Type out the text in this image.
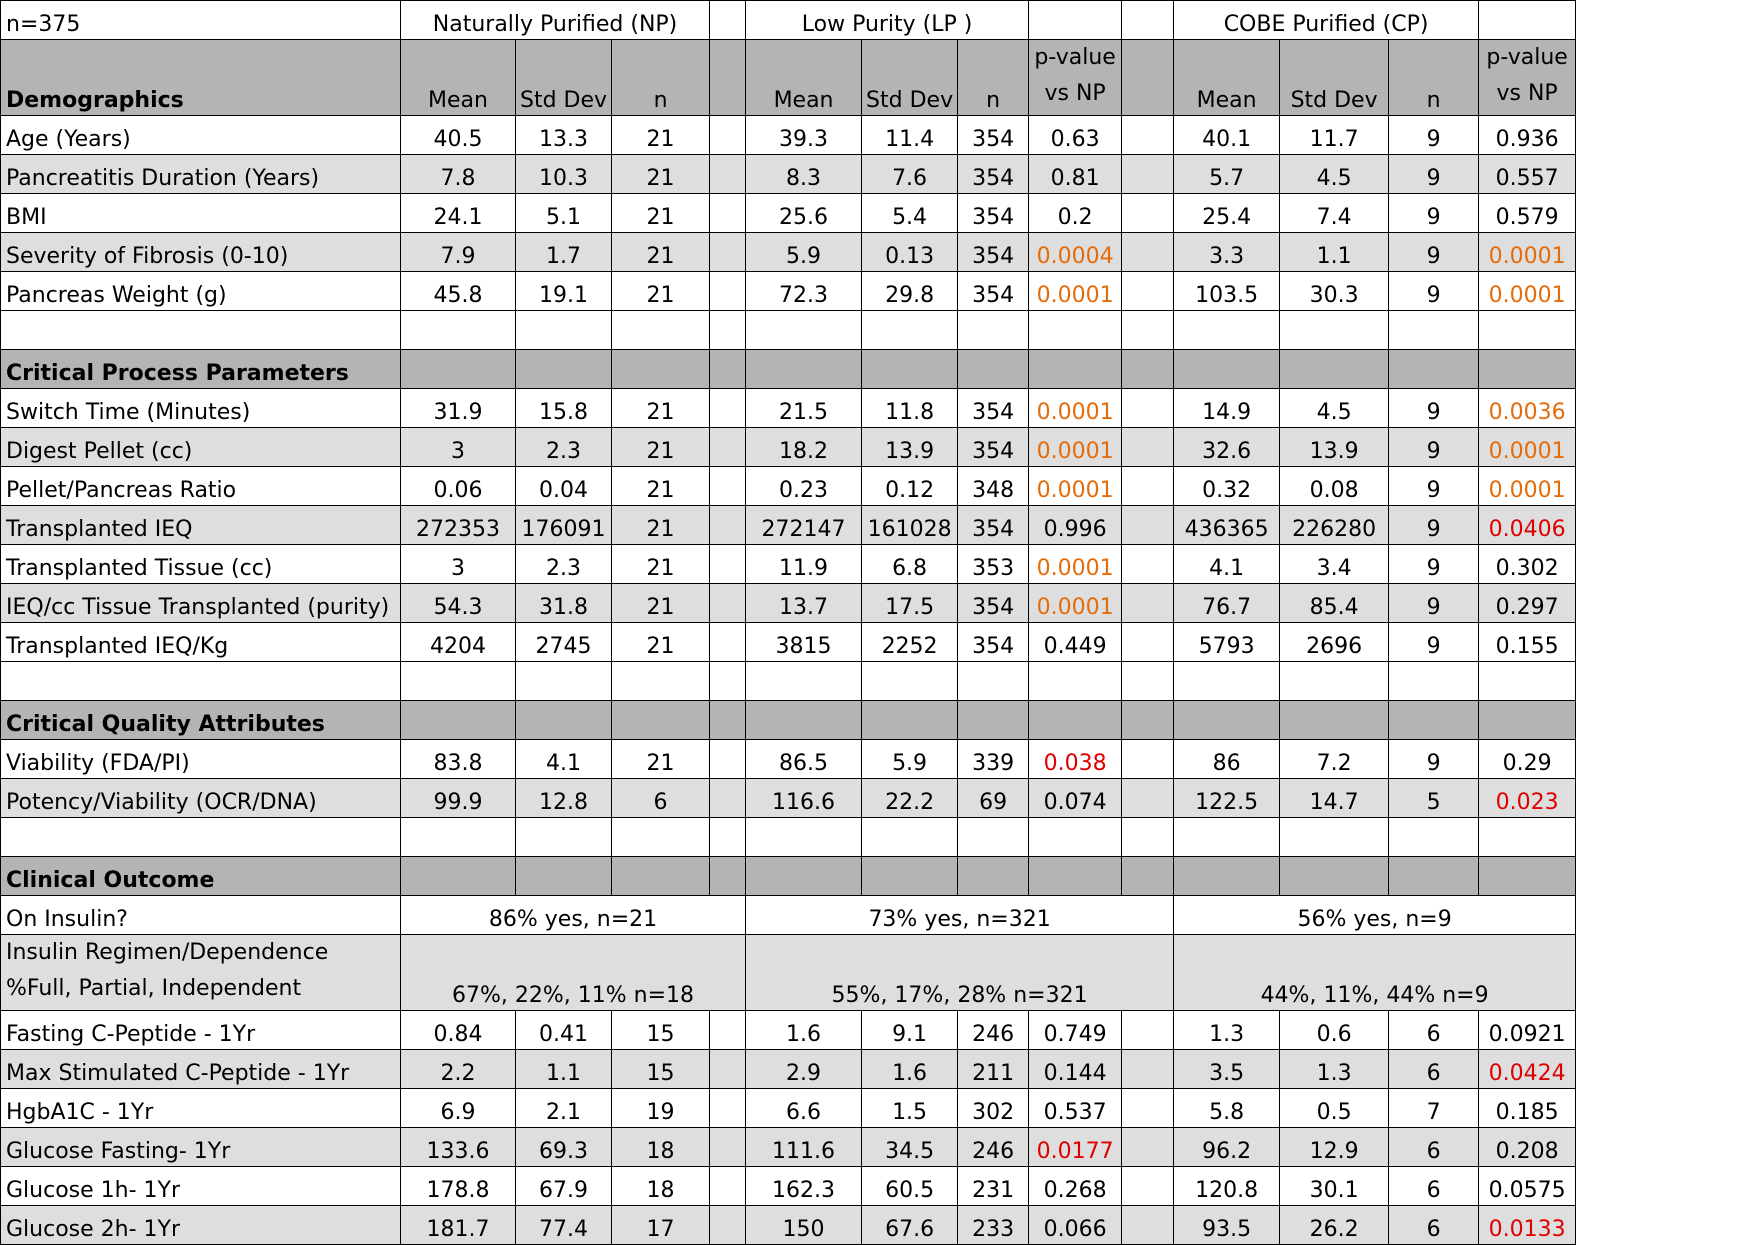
n=375	Naturally Purified (NP)				Low Purity (LP )					COBE Purified (CP)			
Demographics	Mean	Std Dev	n		Mean	Std Dev	n	p-value vs NP		Mean	Std Dev	n	p-value vs NP
Age (Years)	40.5	13.3	21		39.3	11.4	354	0.63		40.1	11.7	9	0.936
Pancreatitis Duration (Years)	7.8	10.3	21		8.3	7.6	354	0.81		5.7	4.5	9	0.557
BMI	24.1	5.1	21		25.6	5.4	354	0.2		25.4	7.4	9	0.579
Severity of Fibrosis (0-10)	7.9	1.7	21		5.9	0.13	354	0.0004		3.3	1.1	9	0.0001
Pancreas Weight (g)	45.8	19.1	21		72.3	29.8	354	0.0001		103.5	30.3	9	0.0001

Critical Process Parameters													
Switch Time (Minutes)	31.9	15.8	21		21.5	11.8	354	0.0001		14.9	4.5	9	0.0036
Digest Pellet (cc)	3	2.3	21		18.2	13.9	354	0.0001		32.6	13.9	9	0.0001
Pellet/Pancreas Ratio	0.06	0.04	21		0.23	0.12	348	0.0001		0.32	0.08	9	0.0001
Transplanted IEQ	272353	176091	21		272147	161028	354	0.996		436365	226280	9	0.0406
Transplanted Tissue (cc)	3	2.3	21		11.9	6.8	353	0.0001		4.1	3.4	9	0.302
IEQ/cc Tissue Transplanted (purity)	54.3	31.8	21		13.7	17.5	354	0.0001		76.7	85.4	9	0.297
Transplanted IEQ/Kg	4204	2745	21		3815	2252	354	0.449		5793	2696	9	0.155

Critical Quality Attributes													
Viability (FDA/PI)	83.8	4.1	21		86.5	5.9	339	0.038		86	7.2	9	0.29
Potency/Viability (OCR/DNA)	99.9	12.8	6		116.6	22.2	69	0.074		122.5	14.7	5	0.023

Clinical Outcome													
On Insulin?	86% yes, n=21				73% yes, n=321					56% yes, n=9			
Insulin Regimen/Dependence %Full, Partial, Independent	67%, 22%, 11% n=18				55%, 17%, 28% n=321					44%, 11%, 44% n=9			
Fasting C-Peptide - 1Yr	0.84	0.41	15		1.6	9.1	246	0.749		1.3	0.6	6	0.0921
Max Stimulated C-Peptide - 1Yr	2.2	1.1	15		2.9	1.6	211	0.144		3.5	1.3	6	0.0424
HgbA1C - 1Yr	6.9	2.1	19		6.6	1.5	302	0.537		5.8	0.5	7	0.185
Glucose Fasting- 1Yr	133.6	69.3	18		111.6	34.5	246	0.0177		96.2	12.9	6	0.208
Glucose 1h- 1Yr	178.8	67.9	18		162.3	60.5	231	0.268		120.8	30.1	6	0.0575
Glucose 2h- 1Yr	181.7	77.4	17		150	67.6	233	0.066		93.5	26.2	6	0.0133
